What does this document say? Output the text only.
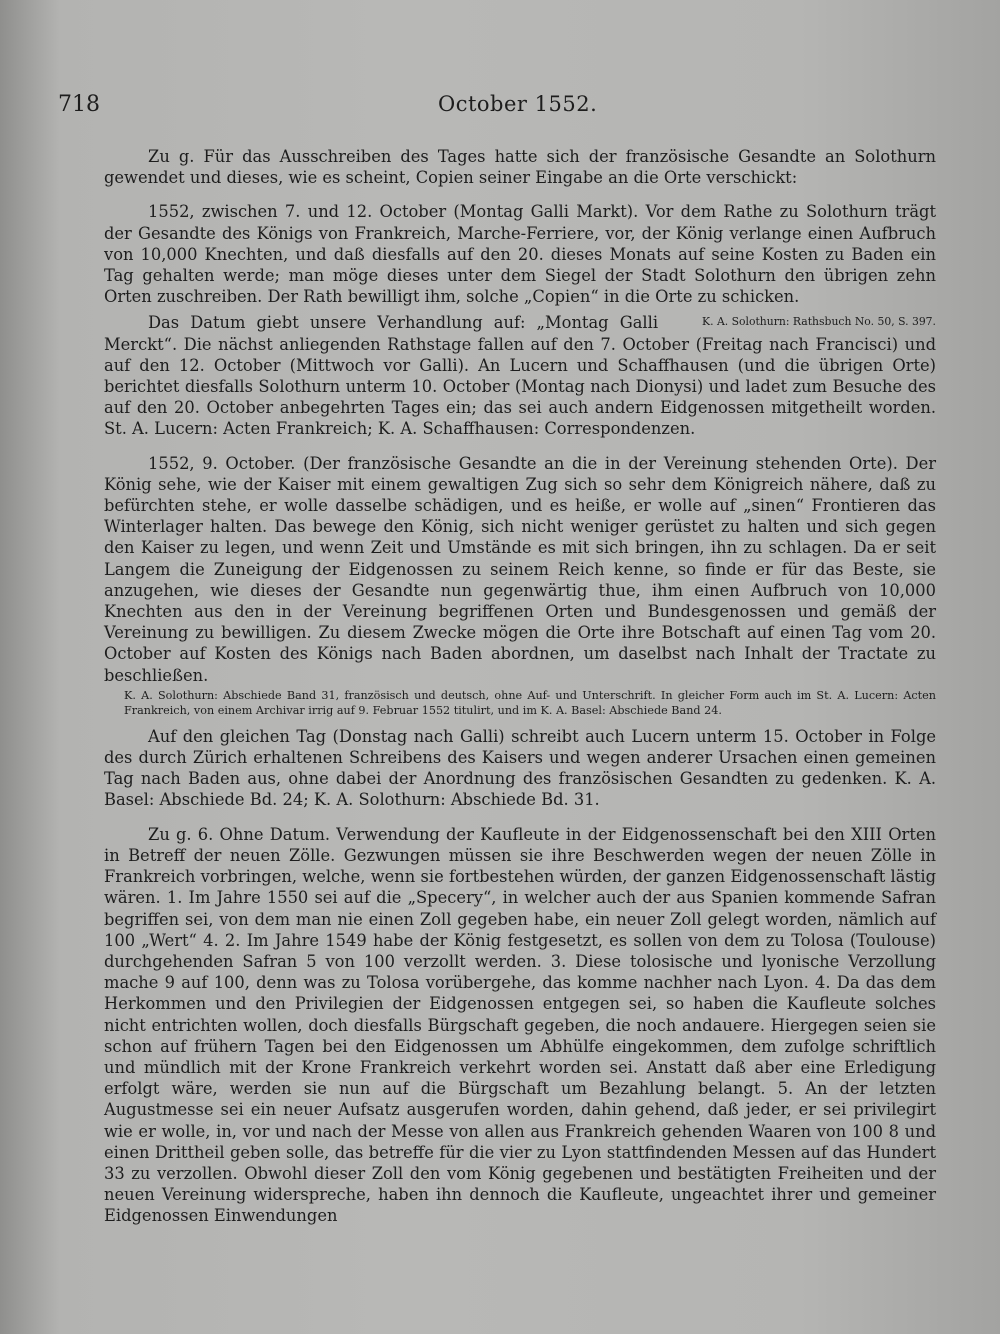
718	October 1552.

Zu g. Für das Ausschreiben des Tages hatte sich der französische Gesandte an Solothurn gewendet und dieses, wie es scheint, Copien seiner Eingabe an die Orte verschickt:

1552, zwischen 7. und 12. October (Montag Galli Markt). Vor dem Rathe zu Solothurn trägt der Gesandte des Königs von Frankreich, Marche-Ferriere, vor, der König verlange einen Aufbruch von 10,000 Knechten, und daß diesfalls auf den 20. dieses Monats auf seine Kosten zu Baden ein Tag gehalten werde; man möge dieses unter dem Siegel der Stadt Solothurn den übrigen zehn Orten zuschreiben. Der Rath bewilligt ihm, solche „Copien“ in die Orte zu schicken.
K. A. Solothurn: Rathsbuch No. 50, S. 397.

Das Datum giebt unsere Verhandlung auf: „Montag Galli Merckt“. Die nächst anliegenden Rathstage fallen auf den 7. October (Freitag nach Francisci) und auf den 12. October (Mittwoch vor Galli). An Lucern und Schaffhausen (und die übrigen Orte) berichtet diesfalls Solothurn unterm 10. October (Montag nach Dionysi) und ladet zum Besuche des auf den 20. October anbegehrten Tages ein; das sei auch andern Eidgenossen mitgetheilt worden. St. A. Lucern: Acten Frankreich; K. A. Schaffhausen: Correspondenzen.

1552, 9. October. (Der französische Gesandte an die in der Vereinung stehenden Orte). Der König sehe, wie der Kaiser mit einem gewaltigen Zug sich so sehr dem Königreich nähere, daß zu befürchten stehe, er wolle dasselbe schädigen, und es heiße, er wolle auf „sinen“ Frontieren das Winterlager halten. Das bewege den König, sich nicht weniger gerüstet zu halten und sich gegen den Kaiser zu legen, und wenn Zeit und Umstände es mit sich bringen, ihn zu schlagen. Da er seit Langem die Zuneigung der Eidgenossen zu seinem Reich kenne, so finde er für das Beste, sie anzugehen, wie dieses der Gesandte nun gegenwärtig thue, ihm einen Aufbruch von 10,000 Knechten aus den in der Vereinung begriffenen Orten und Bundesgenossen und gemäß der Vereinung zu bewilligen. Zu diesem Zwecke mögen die Orte ihre Botschaft auf einen Tag vom 20. October auf Kosten des Königs nach Baden abordnen, um daselbst nach Inhalt der Tractate zu beschließen.

K. A. Solothurn: Abschiede Band 31, französisch und deutsch, ohne Auf- und Unterschrift. In gleicher Form auch im St. A. Lucern: Acten Frankreich, von einem Archivar irrig auf 9. Februar 1552 titulirt, und im K. A. Basel: Abschiede Band 24.

Auf den gleichen Tag (Donstag nach Galli) schreibt auch Lucern unterm 15. October in Folge des durch Zürich erhaltenen Schreibens des Kaisers und wegen anderer Ursachen einen gemeinen Tag nach Baden aus, ohne dabei der Anordnung des französischen Gesandten zu gedenken. K. A. Basel: Abschiede Bd. 24; K. A. Solothurn: Abschiede Bd. 31.

Zu g. 6. Ohne Datum. Verwendung der Kaufleute in der Eidgenossenschaft bei den XIII Orten in Betreff der neuen Zölle. Gezwungen müssen sie ihre Beschwerden wegen der neuen Zölle in Frankreich vorbringen, welche, wenn sie fortbestehen würden, der ganzen Eidgenossenschaft lästig wären. 1. Im Jahre 1550 sei auf die „Specery“, in welcher auch der aus Spanien kommende Safran begriffen sei, von dem man nie einen Zoll gegeben habe, ein neuer Zoll gelegt worden, nämlich auf 100 „Wert“ 4. 2. Im Jahre 1549 habe der König festgesetzt, es sollen von dem zu Tolosa (Toulouse) durchgehenden Safran 5 von 100 verzollt werden. 3. Diese tolosische und lyonische Verzollung mache 9 auf 100, denn was zu Tolosa vorübergehe, das komme nachher nach Lyon. 4. Da das dem Herkommen und den Privilegien der Eidgenossen entgegen sei, so haben die Kaufleute solches nicht entrichten wollen, doch diesfalls Bürgschaft gegeben, die noch andauere. Hiergegen seien sie schon auf frühern Tagen bei den Eidgenossen um Abhülfe eingekommen, dem zufolge schriftlich und mündlich mit der Krone Frankreich verkehrt worden sei. Anstatt daß aber eine Erledigung erfolgt wäre, werden sie nun auf die Bürgschaft um Bezahlung belangt. 5. An der letzten Augustmesse sei ein neuer Aufsatz ausgerufen worden, dahin gehend, daß jeder, er sei privilegirt wie er wolle, in, vor und nach der Messe von allen aus Frankreich gehenden Waaren von 100 8 und einen Drittheil geben solle, das betreffe für die vier zu Lyon stattfindenden Messen auf das Hundert 33 zu verzollen. Obwohl dieser Zoll den vom König gegebenen und bestätigten Freiheiten und der neuen Vereinung widerspreche, haben ihn dennoch die Kaufleute, ungeachtet ihrer und gemeiner Eidgenossen Einwendungen
